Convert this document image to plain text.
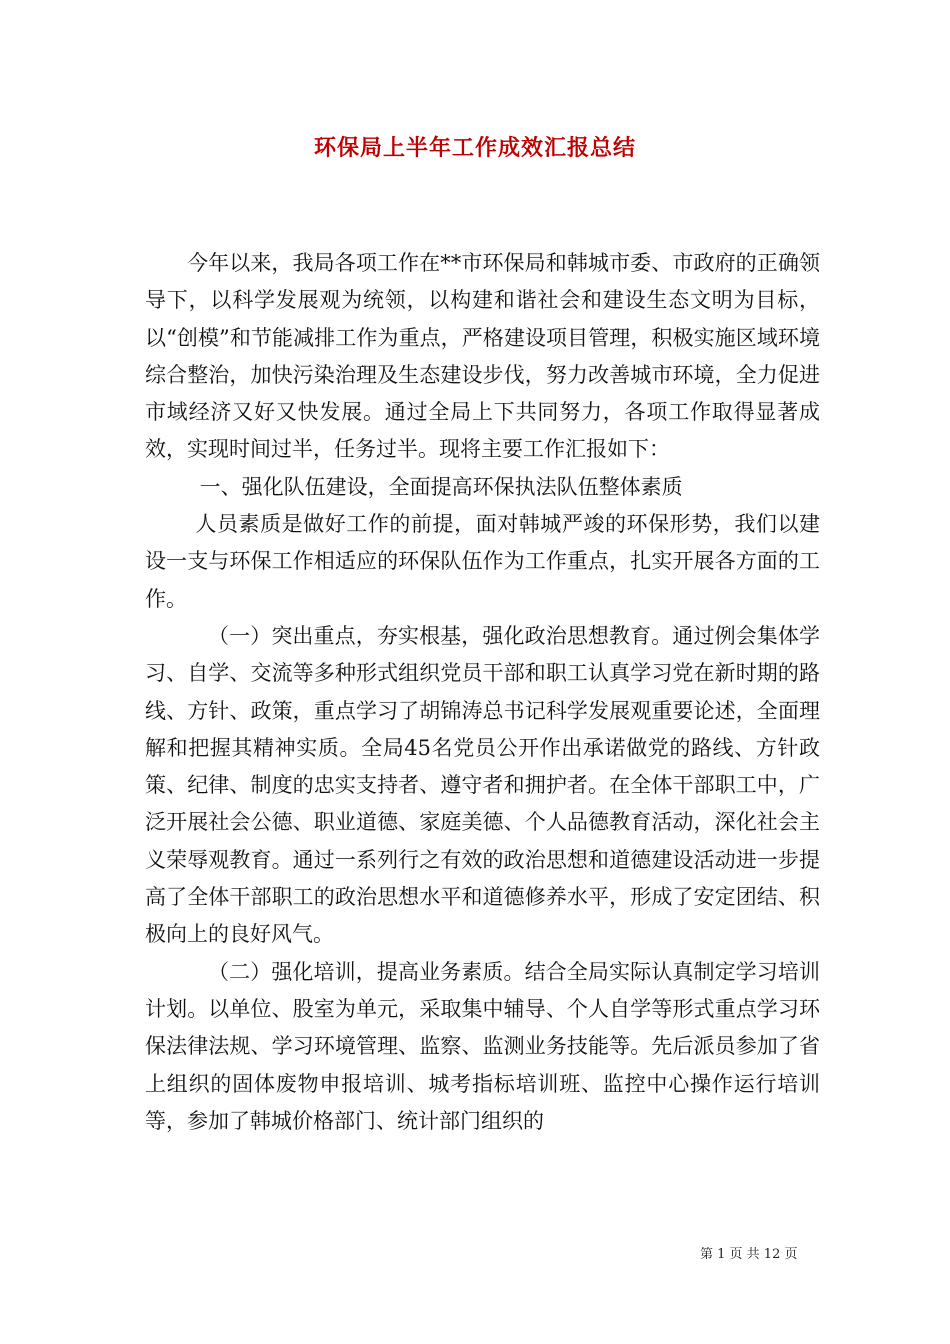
环保局上半年工作成效汇报总结

今年以来，我局各项工作在**市环保局和韩城市委、市政府的正确领导下，以科学发展观为统领，以构建和谐社会和建设生态文明为目标，以“创模”和节能减排工作为重点，严格建设项目管理，积极实施区域环境综合整治，加快污染治理及生态建设步伐，努力改善城市环境，全力促进市域经济又好又快发展。通过全局上下共同努力，各项工作取得显著成效，实现时间过半，任务过半。现将主要工作汇报如下：

一、强化队伍建设，全面提高环保执法队伍整体素质

人员素质是做好工作的前提，面对韩城严竣的环保形势，我们以建设一支与环保工作相适应的环保队伍作为工作重点，扎实开展各方面的工作。

（一）突出重点，夯实根基，强化政治思想教育。通过例会集体学习、自学、交流等多种形式组织党员干部和职工认真学习党在新时期的路线、方针、政策，重点学习了胡锦涛总书记科学发展观重要论述，全面理解和把握其精神实质。全局45名党员公开作出承诺做党的路线、方针政策、纪律、制度的忠实支持者、遵守者和拥护者。在全体干部职工中，广泛开展社会公德、职业道德、家庭美德、个人品德教育活动，深化社会主义荣辱观教育。通过一系列行之有效的政治思想和道德建设活动进一步提高了全体干部职工的政治思想水平和道德修养水平，形成了安定团结、积极向上的良好风气。

（二）强化培训，提高业务素质。结合全局实际认真制定学习培训计划。以单位、股室为单元，采取集中辅导、个人自学等形式重点学习环保法律法规、学习环境管理、监察、监测业务技能等。先后派员参加了省上组织的固体废物申报培训、城考指标培训班、监控中心操作运行培训等，参加了韩城价格部门、统计部门组织的

第 1 页 共 12 页
